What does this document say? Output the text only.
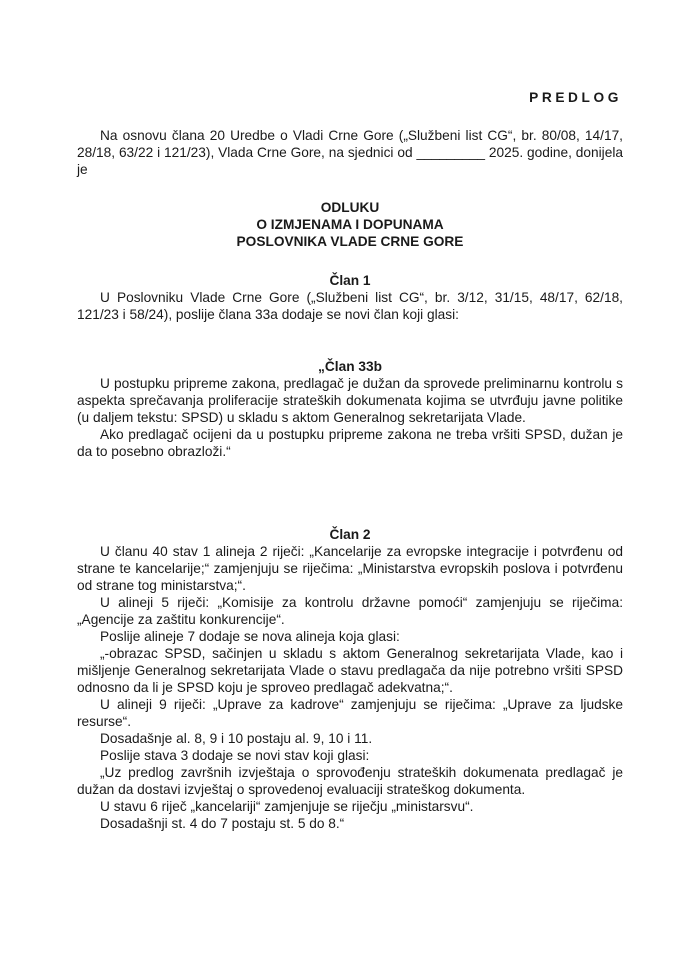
PREDLOG

Na osnovu člana 20 Uredbe o Vladi Crne Gore („Službeni list CG“, br. 80/08, 14/17, 28/18, 63/22 i 121/23), Vlada Crne Gore, na sjednici od _________ 2025. godine, donijela je

ODLUKU

O IZMJENAMA I DOPUNAMA

POSLOVNIKA VLADE CRNE GORE

Član 1

U Poslovniku Vlade Crne Gore („Službeni list CG“, br. 3/12, 31/15, 48/17, 62/18, 121/23 i 58/24), poslije člana 33a dodaje se novi član koji glasi:

„Član 33b

U postupku pripreme zakona, predlagač je dužan da sprovede preliminarnu kontrolu s aspekta sprečavanja proliferacije strateških dokumenata kojima se utvrđuju javne politike (u daljem tekstu: SPSD) u skladu s aktom Generalnog sekretarijata Vlade.

Ako predlagač ocijeni da u postupku pripreme zakona ne treba vršiti SPSD, dužan je da to posebno obrazloži.“

Član 2

U članu 40 stav 1 alineja 2 riječi: „Kancelarije za evropske integracije i potvrđenu od strane te kancelarije;“ zamjenjuju se riječima: „Ministarstva evropskih poslova i potvrđenu od strane tog ministarstva;“.

U alineji 5 riječi: „Komisije za kontrolu državne pomoći“ zamjenjuju se riječima: „Agencije za zaštitu konkurencije“.

Poslije alineje 7 dodaje se nova alineja koja glasi:

„-obrazac SPSD, sačinjen u skladu s aktom Generalnog sekretarijata Vlade, kao i mišljenje Generalnog sekretarijata Vlade o stavu predlagača da nije potrebno vršiti SPSD odnosno da li je SPSD koju je sproveo predlagač adekvatna;“.

U alineji 9 riječi: „Uprave za kadrove“ zamjenjuju se riječima: „Uprave za ljudske resurse“.

Dosadašnje al. 8, 9 i 10 postaju al. 9, 10 i 11.

Poslije stava 3 dodaje se novi stav koji glasi:

„Uz predlog završnih izvještaja o sprovođenju strateških dokumenata predlagač je dužan da dostavi izvještaj o sprovedenoj evaluaciji strateškog dokumenta.

U stavu 6 riječ „kancelariji“ zamjenjuje se riječju „ministarsvu“.

Dosadašnji st. 4 do 7 postaju st. 5 do 8.“
